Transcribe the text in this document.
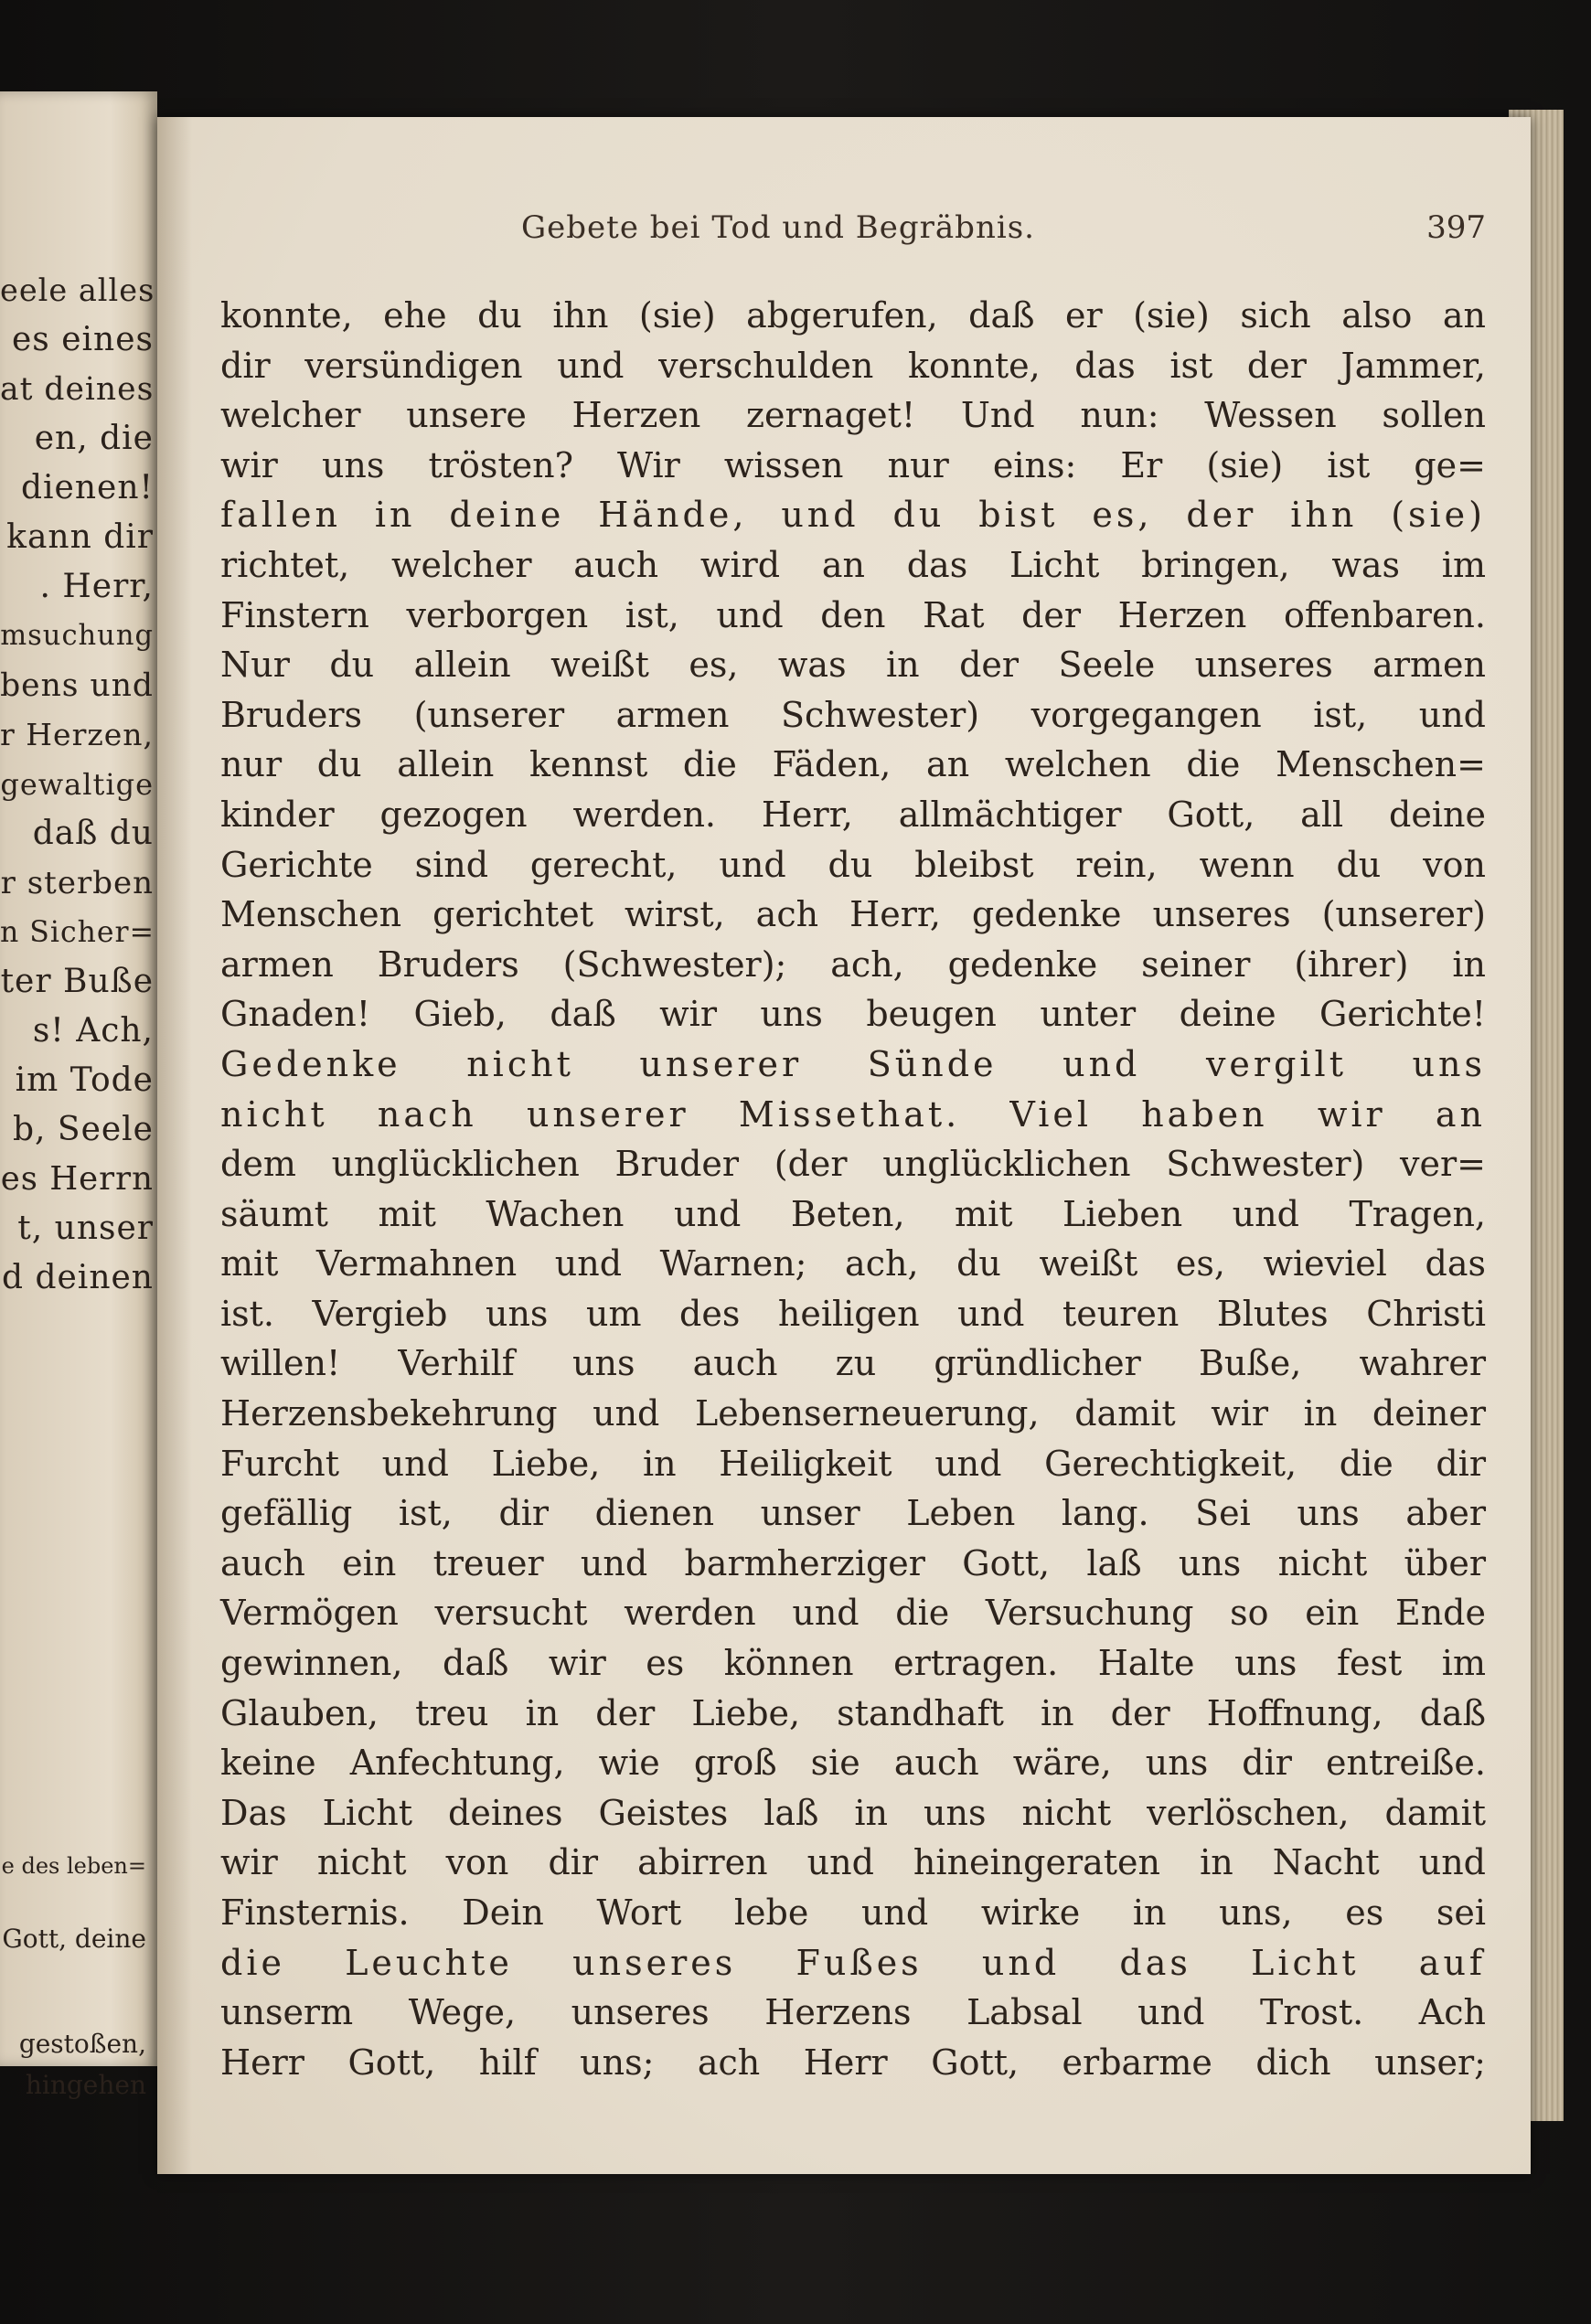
eele alles
es eines
at deines
en, die
dienen!
kann dir
. Herr,
msuchung
bens und
r Herzen,
gewaltige
daß du
r sterben
n Sicher=
ter Buße
s! Ach,
im Tode
b, Seele
es Herrn
t, unser
d deinen
e des leben=
Gott, deine
gestoßen,
hingehen
Gebete bei Tod und Begräbnis.	397
konnte, ehe du ihn (sie) abgerufen, daß er (sie) sich also an
dir versündigen und verschulden konnte, das ist der Jammer,
welcher unsere Herzen zernaget! Und nun: Wessen sollen
wir uns trösten? Wir wissen nur eins: Er (sie) ist ge=
fallen in deine Hände, und du bist es, der ihn (sie)
richtet, welcher auch wird an das Licht bringen, was im
Finstern verborgen ist, und den Rat der Herzen offenbaren.
Nur du allein weißt es, was in der Seele unseres armen
Bruders (unserer armen Schwester) vorgegangen ist, und
nur du allein kennst die Fäden, an welchen die Menschen=
kinder gezogen werden. Herr, allmächtiger Gott, all deine
Gerichte sind gerecht, und du bleibst rein, wenn du von
Menschen gerichtet wirst, ach Herr, gedenke unseres (unserer)
armen Bruders (Schwester); ach, gedenke seiner (ihrer) in
Gnaden! Gieb, daß wir uns beugen unter deine Gerichte!
Gedenke nicht unserer Sünde und vergilt uns
nicht nach unserer Missethat. Viel haben wir an
dem unglücklichen Bruder (der unglücklichen Schwester) ver=
säumt mit Wachen und Beten, mit Lieben und Tragen,
mit Vermahnen und Warnen; ach, du weißt es, wieviel das
ist. Vergieb uns um des heiligen und teuren Blutes Christi
willen! Verhilf uns auch zu gründlicher Buße, wahrer
Herzensbekehrung und Lebenserneuerung, damit wir in deiner
Furcht und Liebe, in Heiligkeit und Gerechtigkeit, die dir
gefällig ist, dir dienen unser Leben lang. Sei uns aber
auch ein treuer und barmherziger Gott, laß uns nicht über
Vermögen versucht werden und die Versuchung so ein Ende
gewinnen, daß wir es können ertragen. Halte uns fest im
Glauben, treu in der Liebe, standhaft in der Hoffnung, daß
keine Anfechtung, wie groß sie auch wäre, uns dir entreiße.
Das Licht deines Geistes laß in uns nicht verlöschen, damit
wir nicht von dir abirren und hineingeraten in Nacht und
Finsternis. Dein Wort lebe und wirke in uns, es sei
die Leuchte unseres Fußes und das Licht auf
unserm Wege, unseres Herzens Labsal und Trost. Ach
Herr Gott, hilf uns; ach Herr Gott, erbarme dich unser;
